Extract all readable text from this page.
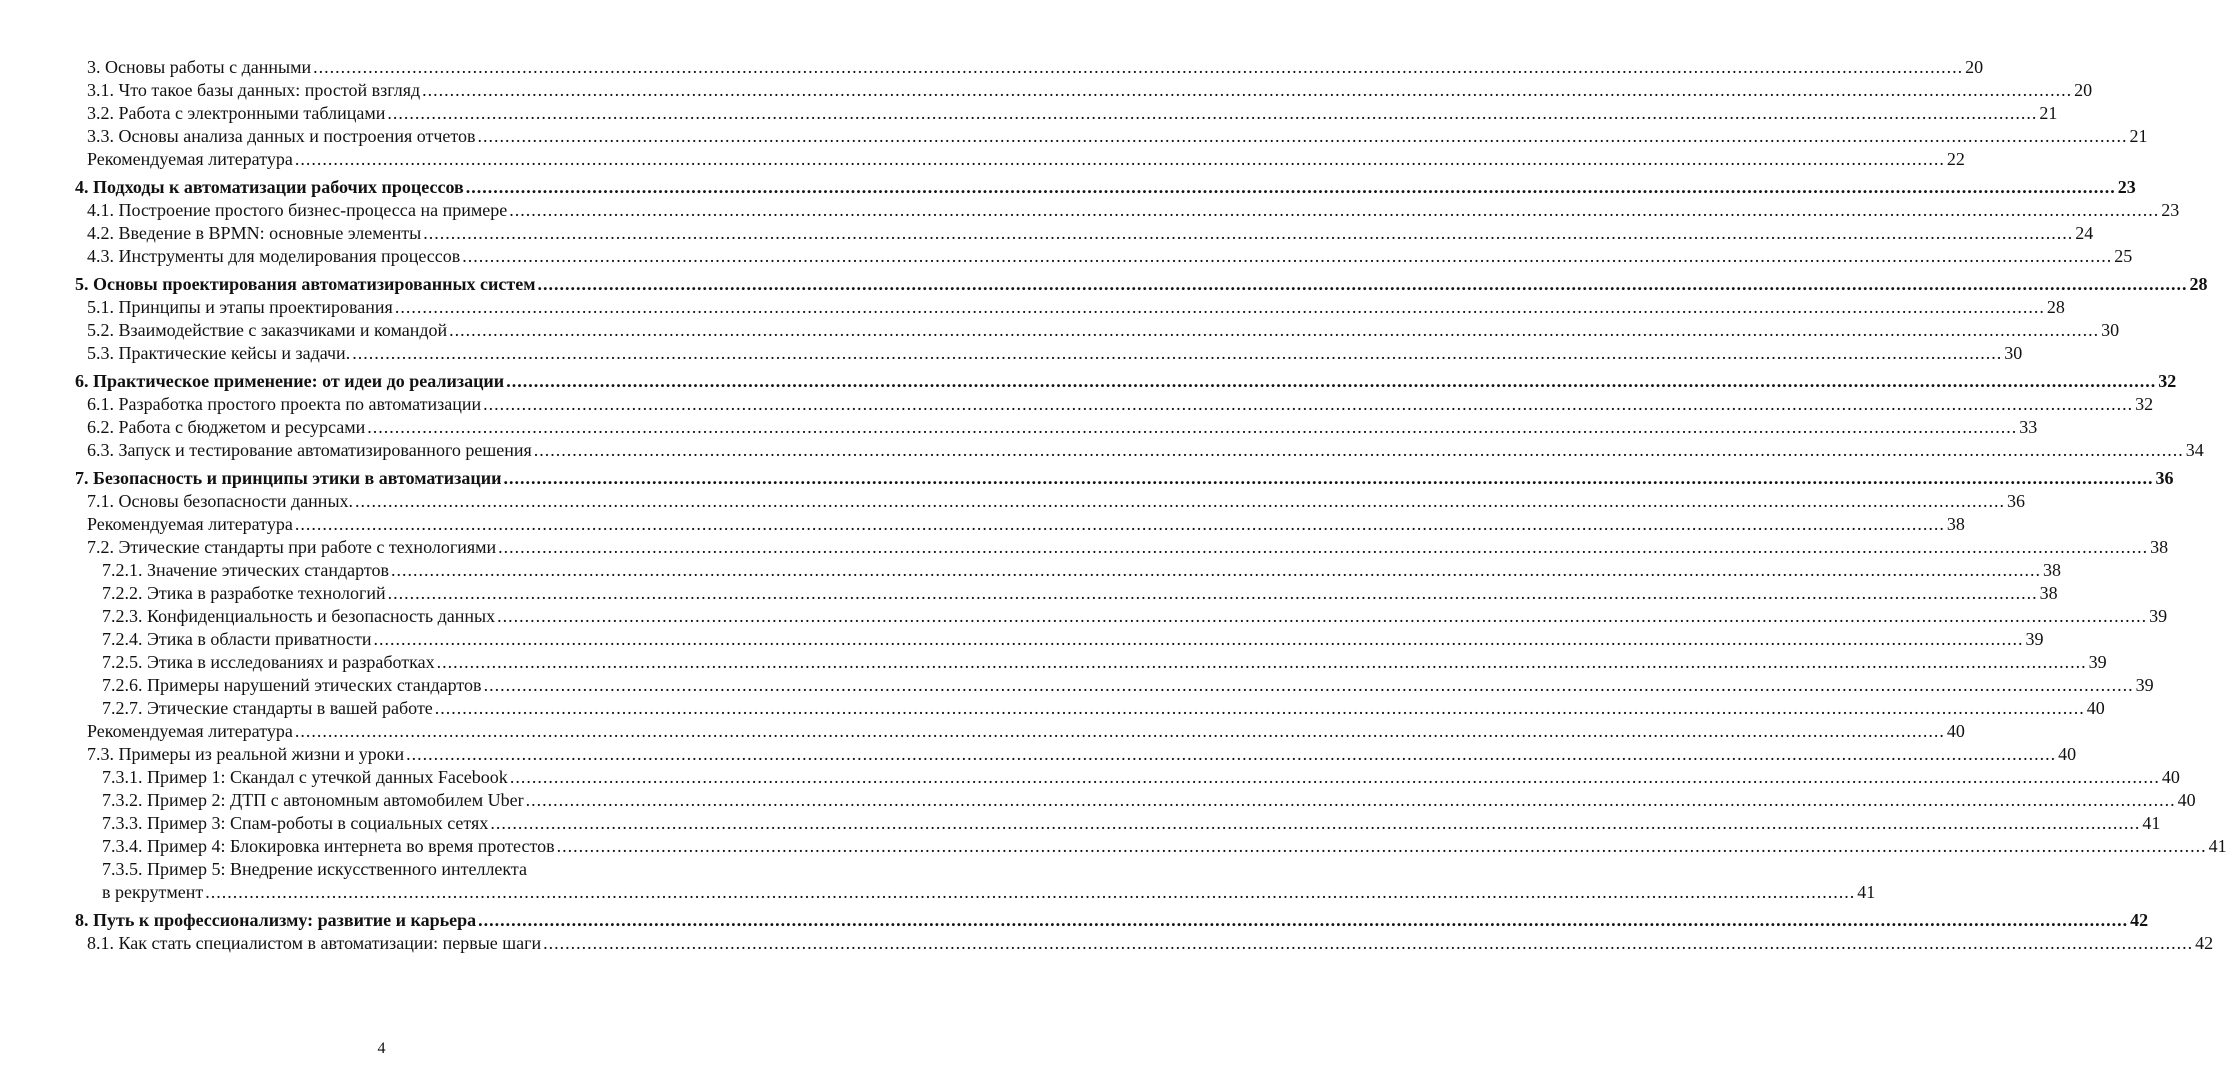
3. Основы работы с данными ............................................................................................................................................................................................................................................................................................................ 20
3.1. Что такое базы данных: простой взгляд ............................................................................................................................................................................................................................................................................................................ 20
3.2. Работа с электронными таблицами ............................................................................................................................................................................................................................................................................................................ 21
3.3. Основы анализа данных и построения отчетов ............................................................................................................................................................................................................................................................................................................ 21
Рекомендуемая литература ............................................................................................................................................................................................................................................................................................................ 22
4. Подходы к автоматизации рабочих процессов ............................................................................................................................................................................................................................................................................................................ 23
4.1. Построение простого бизнес-процесса на примере ............................................................................................................................................................................................................................................................................................................ 23
4.2. Введение в BPMN: основные элементы ............................................................................................................................................................................................................................................................................................................ 24
4.3. Инструменты для моделирования процессов ............................................................................................................................................................................................................................................................................................................ 25
5. Основы проектирования автоматизированных систем ............................................................................................................................................................................................................................................................................................................ 28
5.1. Принципы и этапы проектирования ............................................................................................................................................................................................................................................................................................................ 28
5.2. Взаимодействие с заказчиками и командой ............................................................................................................................................................................................................................................................................................................ 30
5.3. Практические кейсы и задачи. ............................................................................................................................................................................................................................................................................................................ 30
6. Практическое применение: от идеи до реализации ............................................................................................................................................................................................................................................................................................................ 32
6.1. Разработка простого проекта по автоматизации ............................................................................................................................................................................................................................................................................................................ 32
6.2. Работа с бюджетом и ресурсами ............................................................................................................................................................................................................................................................................................................ 33
6.3. Запуск и тестирование автоматизированного решения ............................................................................................................................................................................................................................................................................................................ 34
7. Безопасность и принципы этики в автоматизации ............................................................................................................................................................................................................................................................................................................ 36
7.1. Основы безопасности данных. ............................................................................................................................................................................................................................................................................................................ 36
Рекомендуемая литература ............................................................................................................................................................................................................................................................................................................ 38
7.2. Этические стандарты при работе с технологиями ............................................................................................................................................................................................................................................................................................................ 38
7.2.1. Значение этических стандартов ............................................................................................................................................................................................................................................................................................................ 38
7.2.2. Этика в разработке технологий ............................................................................................................................................................................................................................................................................................................ 38
7.2.3. Конфиденциальность и безопасность данных ............................................................................................................................................................................................................................................................................................................ 39
7.2.4. Этика в области приватности ............................................................................................................................................................................................................................................................................................................ 39
7.2.5. Этика в исследованиях и разработках ............................................................................................................................................................................................................................................................................................................ 39
7.2.6. Примеры нарушений этических стандартов ............................................................................................................................................................................................................................................................................................................ 39
7.2.7. Этические стандарты в вашей работе ............................................................................................................................................................................................................................................................................................................ 40
Рекомендуемая литература ............................................................................................................................................................................................................................................................................................................ 40
7.3. Примеры из реальной жизни и уроки ............................................................................................................................................................................................................................................................................................................ 40
7.3.1. Пример 1: Скандал с утечкой данных Facebook ............................................................................................................................................................................................................................................................................................................ 40
7.3.2. Пример 2: ДТП с автономным автомобилем Uber ............................................................................................................................................................................................................................................................................................................ 40
7.3.3. Пример 3: Спам-роботы в социальных сетях ............................................................................................................................................................................................................................................................................................................ 41
7.3.4. Пример 4: Блокировка интернета во время протестов ............................................................................................................................................................................................................................................................................................................ 41
7.3.5. Пример 5: Внедрение искусственного интеллекта
в рекрутмент ............................................................................................................................................................................................................................................................................................................ 41
8. Путь к профессионализму: развитие и карьера ............................................................................................................................................................................................................................................................................................................ 42
8.1. Как стать специалистом в автоматизации: первые шаги ............................................................................................................................................................................................................................................................................................................ 42
4
